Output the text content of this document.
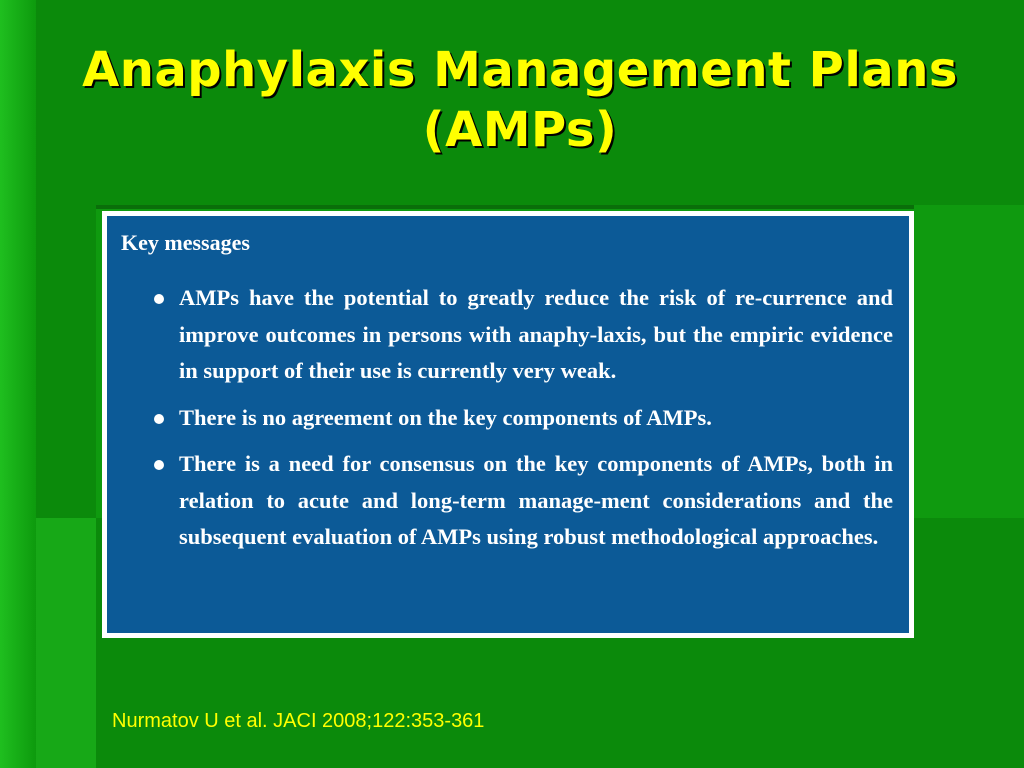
Anaphylaxis Management Plans (AMPs)
Key messages
AMPs have the potential to greatly reduce the risk of re-currence and improve outcomes in persons with anaphy-laxis, but the empiric evidence in support of their use is currently very weak.
There is no agreement on the key components of AMPs.
There is a need for consensus on the key components of AMPs, both in relation to acute and long-term manage-ment considerations and the subsequent evaluation of AMPs using robust methodological approaches.
Nurmatov U et al. JACI 2008;122:353-361
